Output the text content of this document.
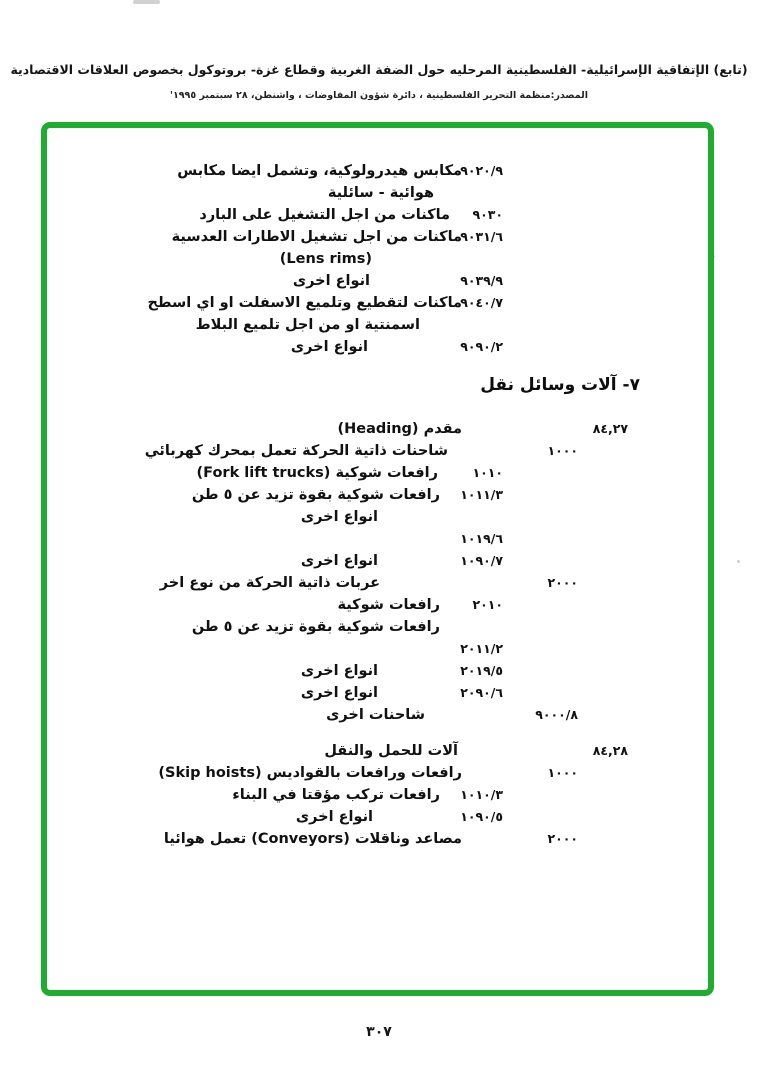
(تابع) الإتفاقية الإسرائيلية- الفلسطينية المرحليه حول الضفة الغربية وقطاع غزة- بروتوكول بخصوص العلاقات الاقتصادية
المصدر:منظمة التحرير الفلسطينية ، دائرة شؤون المفاوضات ، واشنطن، ٢٨ سبتمبر ١٩٩٥'
٩٠٢٠/٩
مكابس هيدرولوكية، وتشمل ايضا مكابس
هوائية - سائلية
٩٠٣٠
ماكنات من اجل التشغيل على البارد
٩٠٣١/٦
ماكنات من اجل تشغيل الاطارات العدسية
(Lens rims)
٩٠٣٩/٩
انواع اخرى
٩٠٤٠/٧
ماكنات لتقطيع وتلميع الاسفلت او اي اسطح
اسمنتية او من اجل تلميع البلاط
٩٠٩٠/٢
انواع اخرى
٧- آلات وسائل نقل
٨٤,٢٧
مقدم (Heading)
١٠٠٠
شاحنات ذاتية الحركة تعمل بمحرك كهربائي
١٠١٠
رافعات شوكية (Fork lift trucks)
١٠١١/٣
رافعات شوكية بقوة تزيد عن ٥ طن
انواع اخرى
١٠١٩/٦
١٠٩٠/٧
انواع اخرى
٢٠٠٠
عربات ذاتية الحركة من نوع اخر
٢٠١٠
رافعات شوكية
رافعات شوكية بقوة تزيد عن ٥ طن
٢٠١١/٢
٢٠١٩/٥
انواع اخرى
٢٠٩٠/٦
انواع اخرى
٩٠٠٠/٨
شاحنات اخرى
٨٤,٢٨
آلات للحمل والنقل
١٠٠٠
رافعات ورافعات بالقواديس (Skip hoists)
١٠١٠/٣
رافعات تركب مؤقتا في البناء
١٠٩٠/٥
انواع اخرى
٢٠٠٠
مصاعد وناقلات (Conveyors) تعمل هوائيا
٣٠٧
